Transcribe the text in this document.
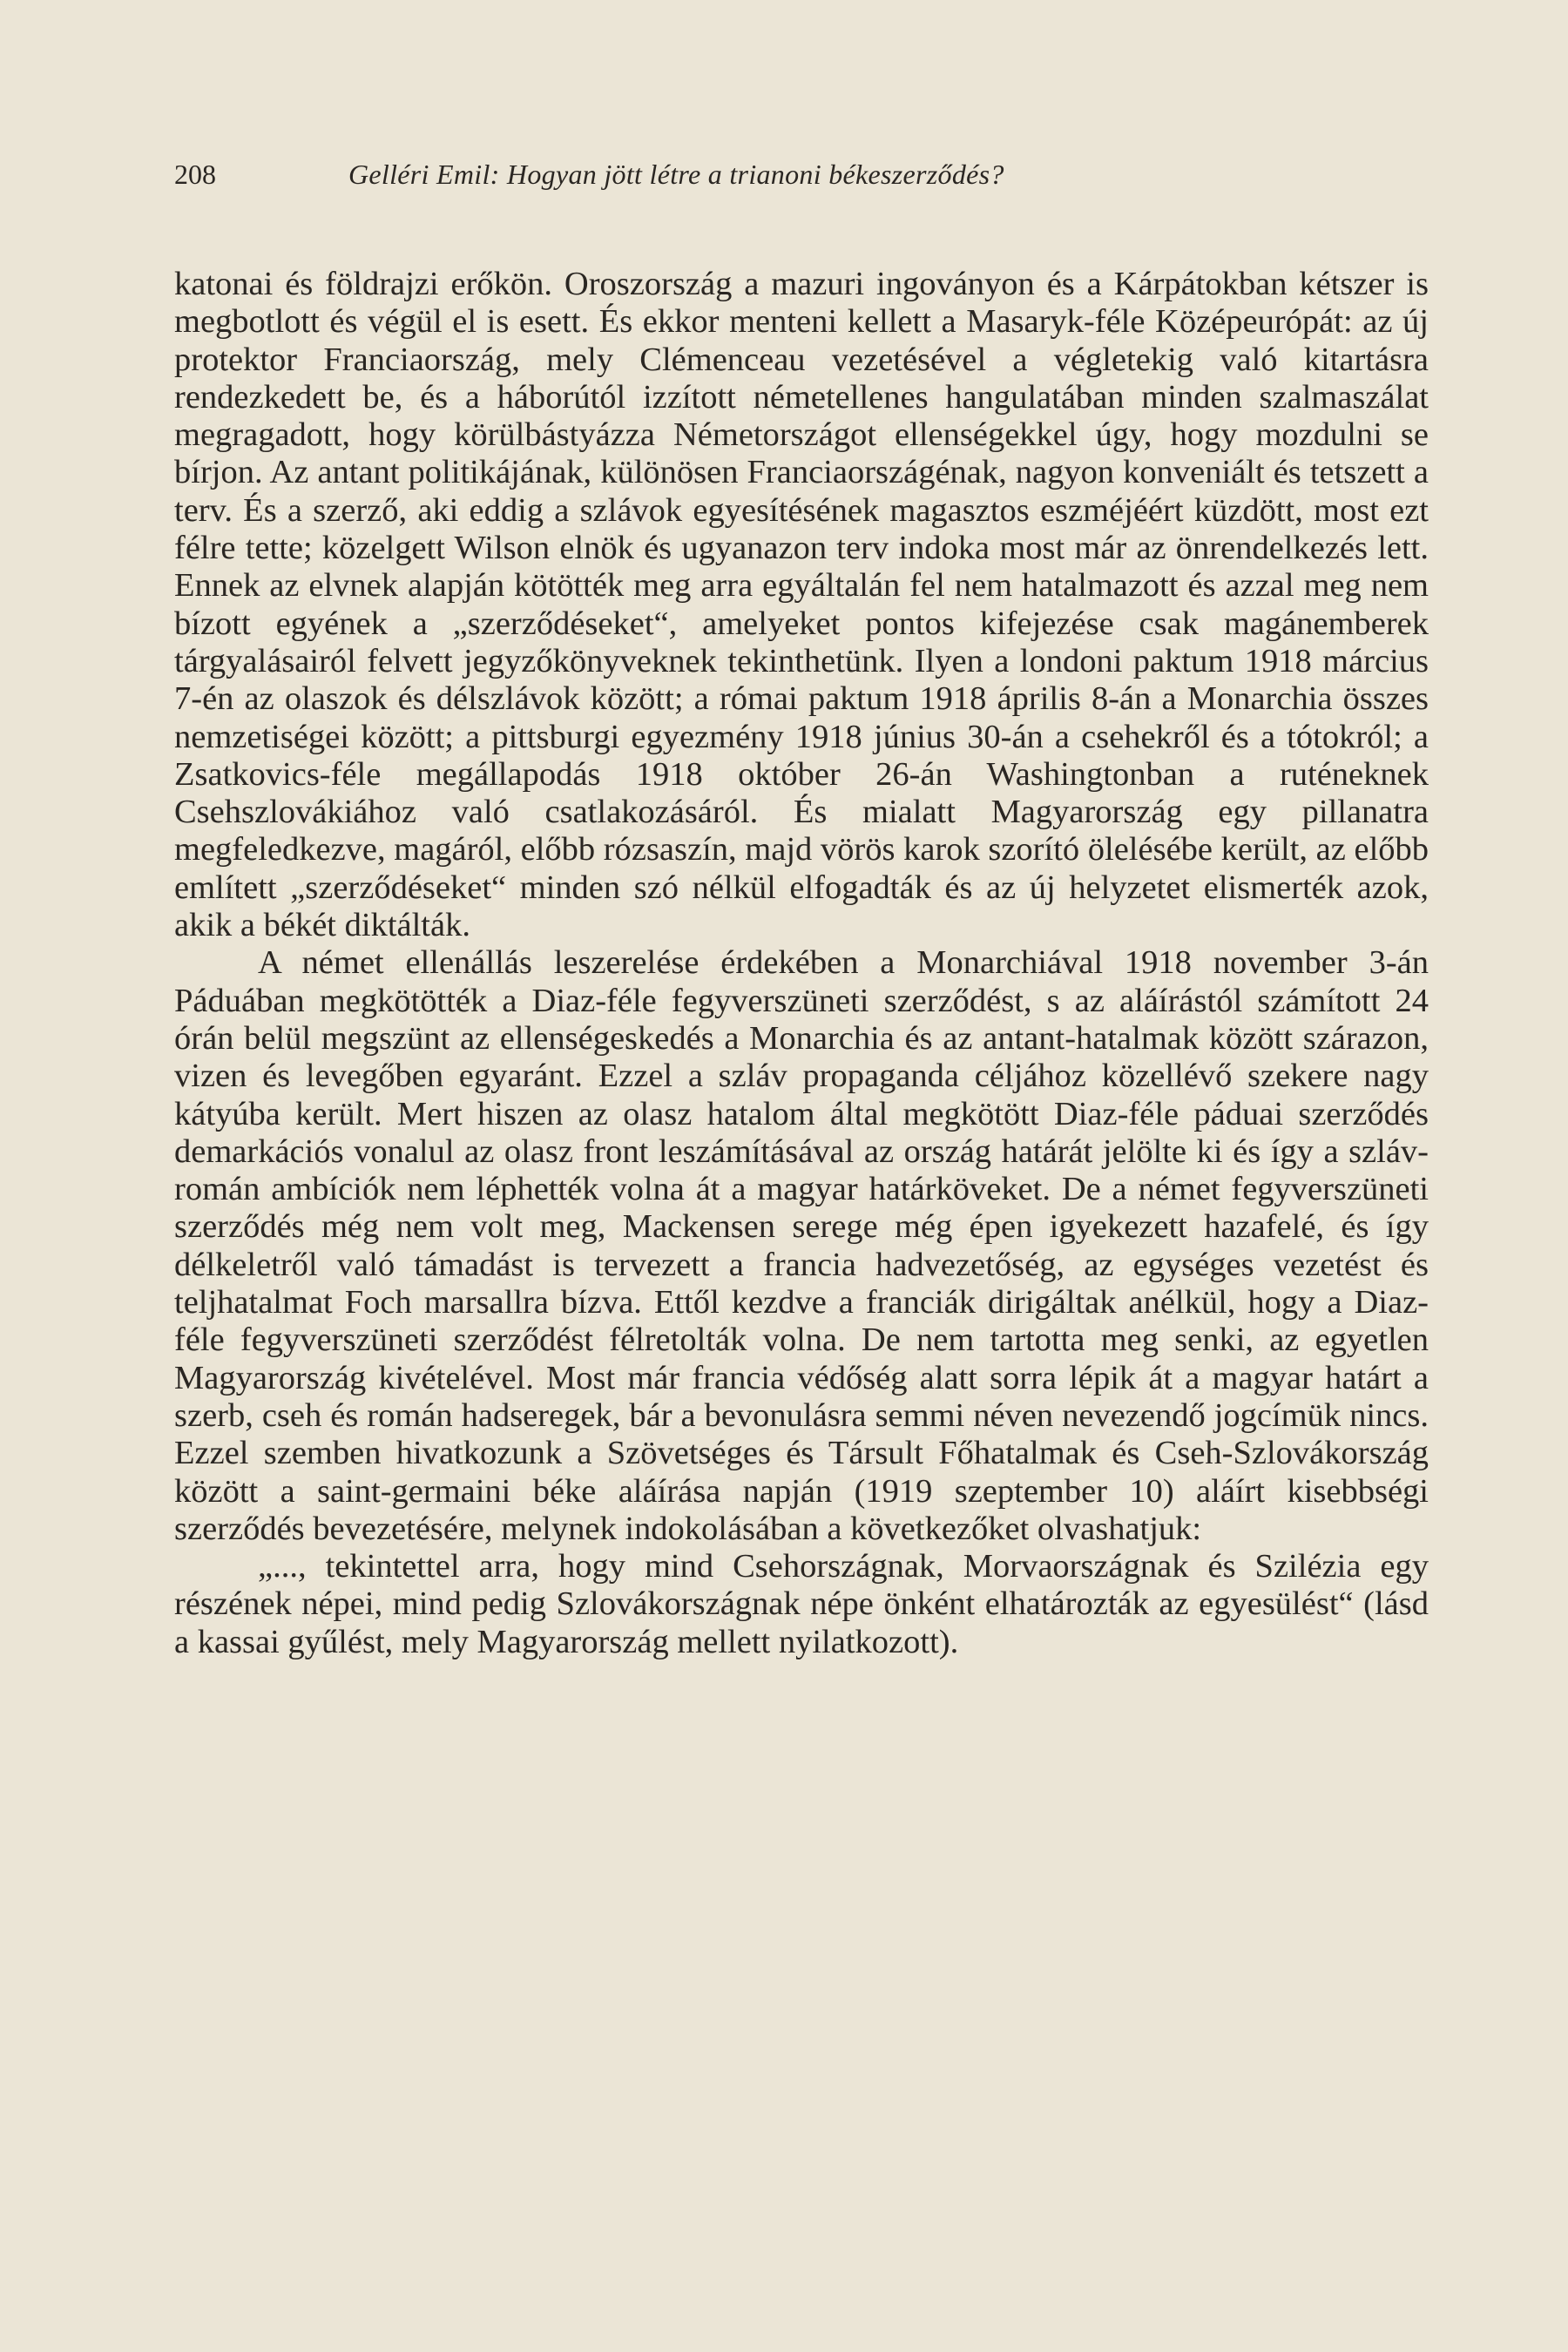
208	Gelléri Emil: Hogyan jött létre a trianoni békeszerződés?

katonai és földrajzi erőkön. Oroszország a mazuri ingoványon és a Kárpátokban kétszer is megbotlott és végül el is esett. És ekkor menteni kellett a Masaryk-féle Középeurópát: az új protektor Franciaország, mely Clémenceau vezetésével a végletekig való kitartásra rendezkedett be, és a háborútól izzított németellenes hangulatában minden szalmaszálat megragadott, hogy körülbástyázza Németországot ellenségekkel úgy, hogy mozdulni se bírjon. Az antant politikájának, különösen Franciaországénak, nagyon konveniált és tetszett a terv. És a szerző, aki eddig a szlávok egyesítésének magasztos eszméjéért küzdött, most ezt félre tette; közelgett Wilson elnök és ugyanazon terv indoka most már az önrendelkezés lett. Ennek az elvnek alapján kötötték meg arra egyáltalán fel nem hatalmazott és azzal meg nem bízott egyének a „szerződéseket“, amelyeket pontos kifejezése csak magánemberek tárgyalásairól felvett jegyzőkönyveknek tekinthetünk. Ilyen a londoni paktum 1918 március 7-én az olaszok és délszlávok között; a római paktum 1918 április 8-án a Monarchia összes nemzetiségei között; a pittsburgi egyezmény 1918 június 30-án a csehekről és a tótokról; a Zsatkovics-féle megállapodás 1918 október 26-án Washingtonban a ruténeknek Csehszlovákiához való csatlakozásáról. És mialatt Magyarország egy pillanatra megfeledkezve, magáról, előbb rózsaszín, majd vörös karok szorító ölelésébe került, az előbb említett „szerződéseket“ minden szó nélkül elfogadták és az új helyzetet elismerték azok, akik a békét diktálták.

A német ellenállás leszerelése érdekében a Monarchiával 1918 november 3-án Páduában megkötötték a Diaz-féle fegyverszüneti szerződést, s az aláírástól számított 24 órán belül megszünt az ellenségeskedés a Monarchia és az antant-hatalmak között szárazon, vizen és levegőben egyaránt. Ezzel a szláv propaganda céljához közellévő szekere nagy kátyúba került. Mert hiszen az olasz hatalom által megkötött Diaz-féle páduai szerződés demarkációs vonalul az olasz front leszámításával az ország határát jelölte ki és így a szláv-román ambíciók nem léphették volna át a magyar határköveket. De a német fegyverszüneti szerződés még nem volt meg, Mackensen serege még épen igyekezett hazafelé, és így délkeletről való támadást is tervezett a francia hadvezetőség, az egységes vezetést és teljhatalmat Foch marsallra bízva. Ettől kezdve a franciák dirigáltak anélkül, hogy a Diaz-féle fegyverszüneti szerződést félretolták volna. De nem tartotta meg senki, az egyetlen Magyarország kivételével. Most már francia védőség alatt sorra lépik át a magyar határt a szerb, cseh és román hadseregek, bár a bevonulásra semmi néven nevezendő jogcímük nincs. Ezzel szemben hivatkozunk a Szövetséges és Társult Főhatalmak és Cseh-Szlovákország között a saint-germaini béke aláírása napján (1919 szeptember 10) aláírt kisebbségi szerződés bevezetésére, melynek indokolásában a következőket olvashatjuk:

„..., tekintettel arra, hogy mind Csehországnak, Morvaországnak és Szilézia egy részének népei, mind pedig Szlovákországnak népe önként elhatározták az egyesülést“ (lásd a kassai gyűlést, mely Magyarország mellett nyilatkozott).
